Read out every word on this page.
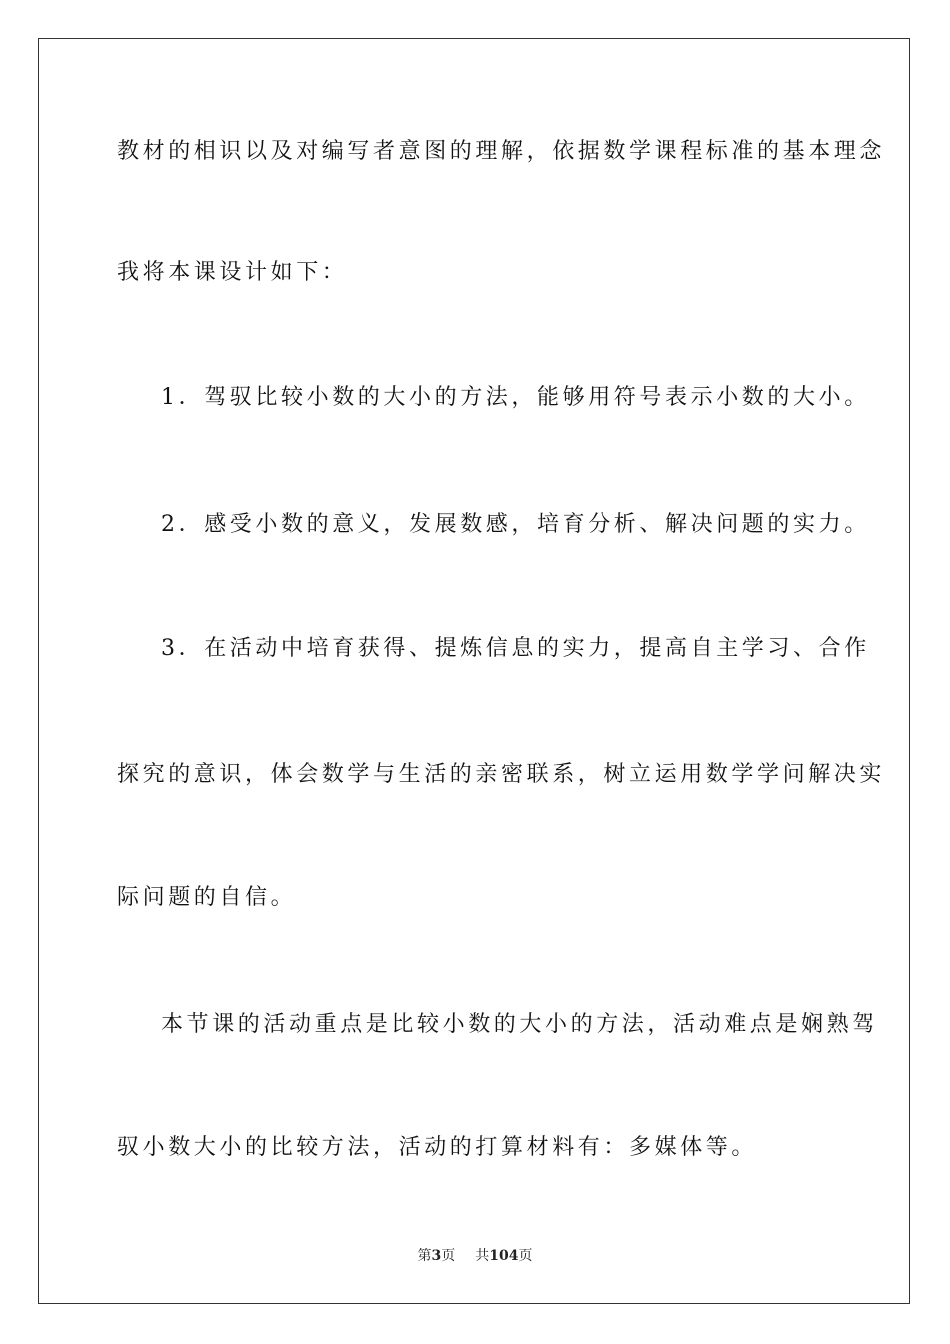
教材的相识以及对编写者意图的理解，依据数学课程标准的基本理念
我将本课设计如下：
1．驾驭比较小数的大小的方法，能够用符号表示小数的大小。
2．感受小数的意义，发展数感，培育分析、解决问题的实力。
3．在活动中培育获得、提炼信息的实力，提高自主学习、合作
探究的意识，体会数学与生活的亲密联系，树立运用数学学问解决实
际问题的自信。
本节课的活动重点是比较小数的大小的方法，活动难点是娴熟驾
驭小数大小的比较方法，活动的打算材料有：多媒体等。
第3页 共104页
